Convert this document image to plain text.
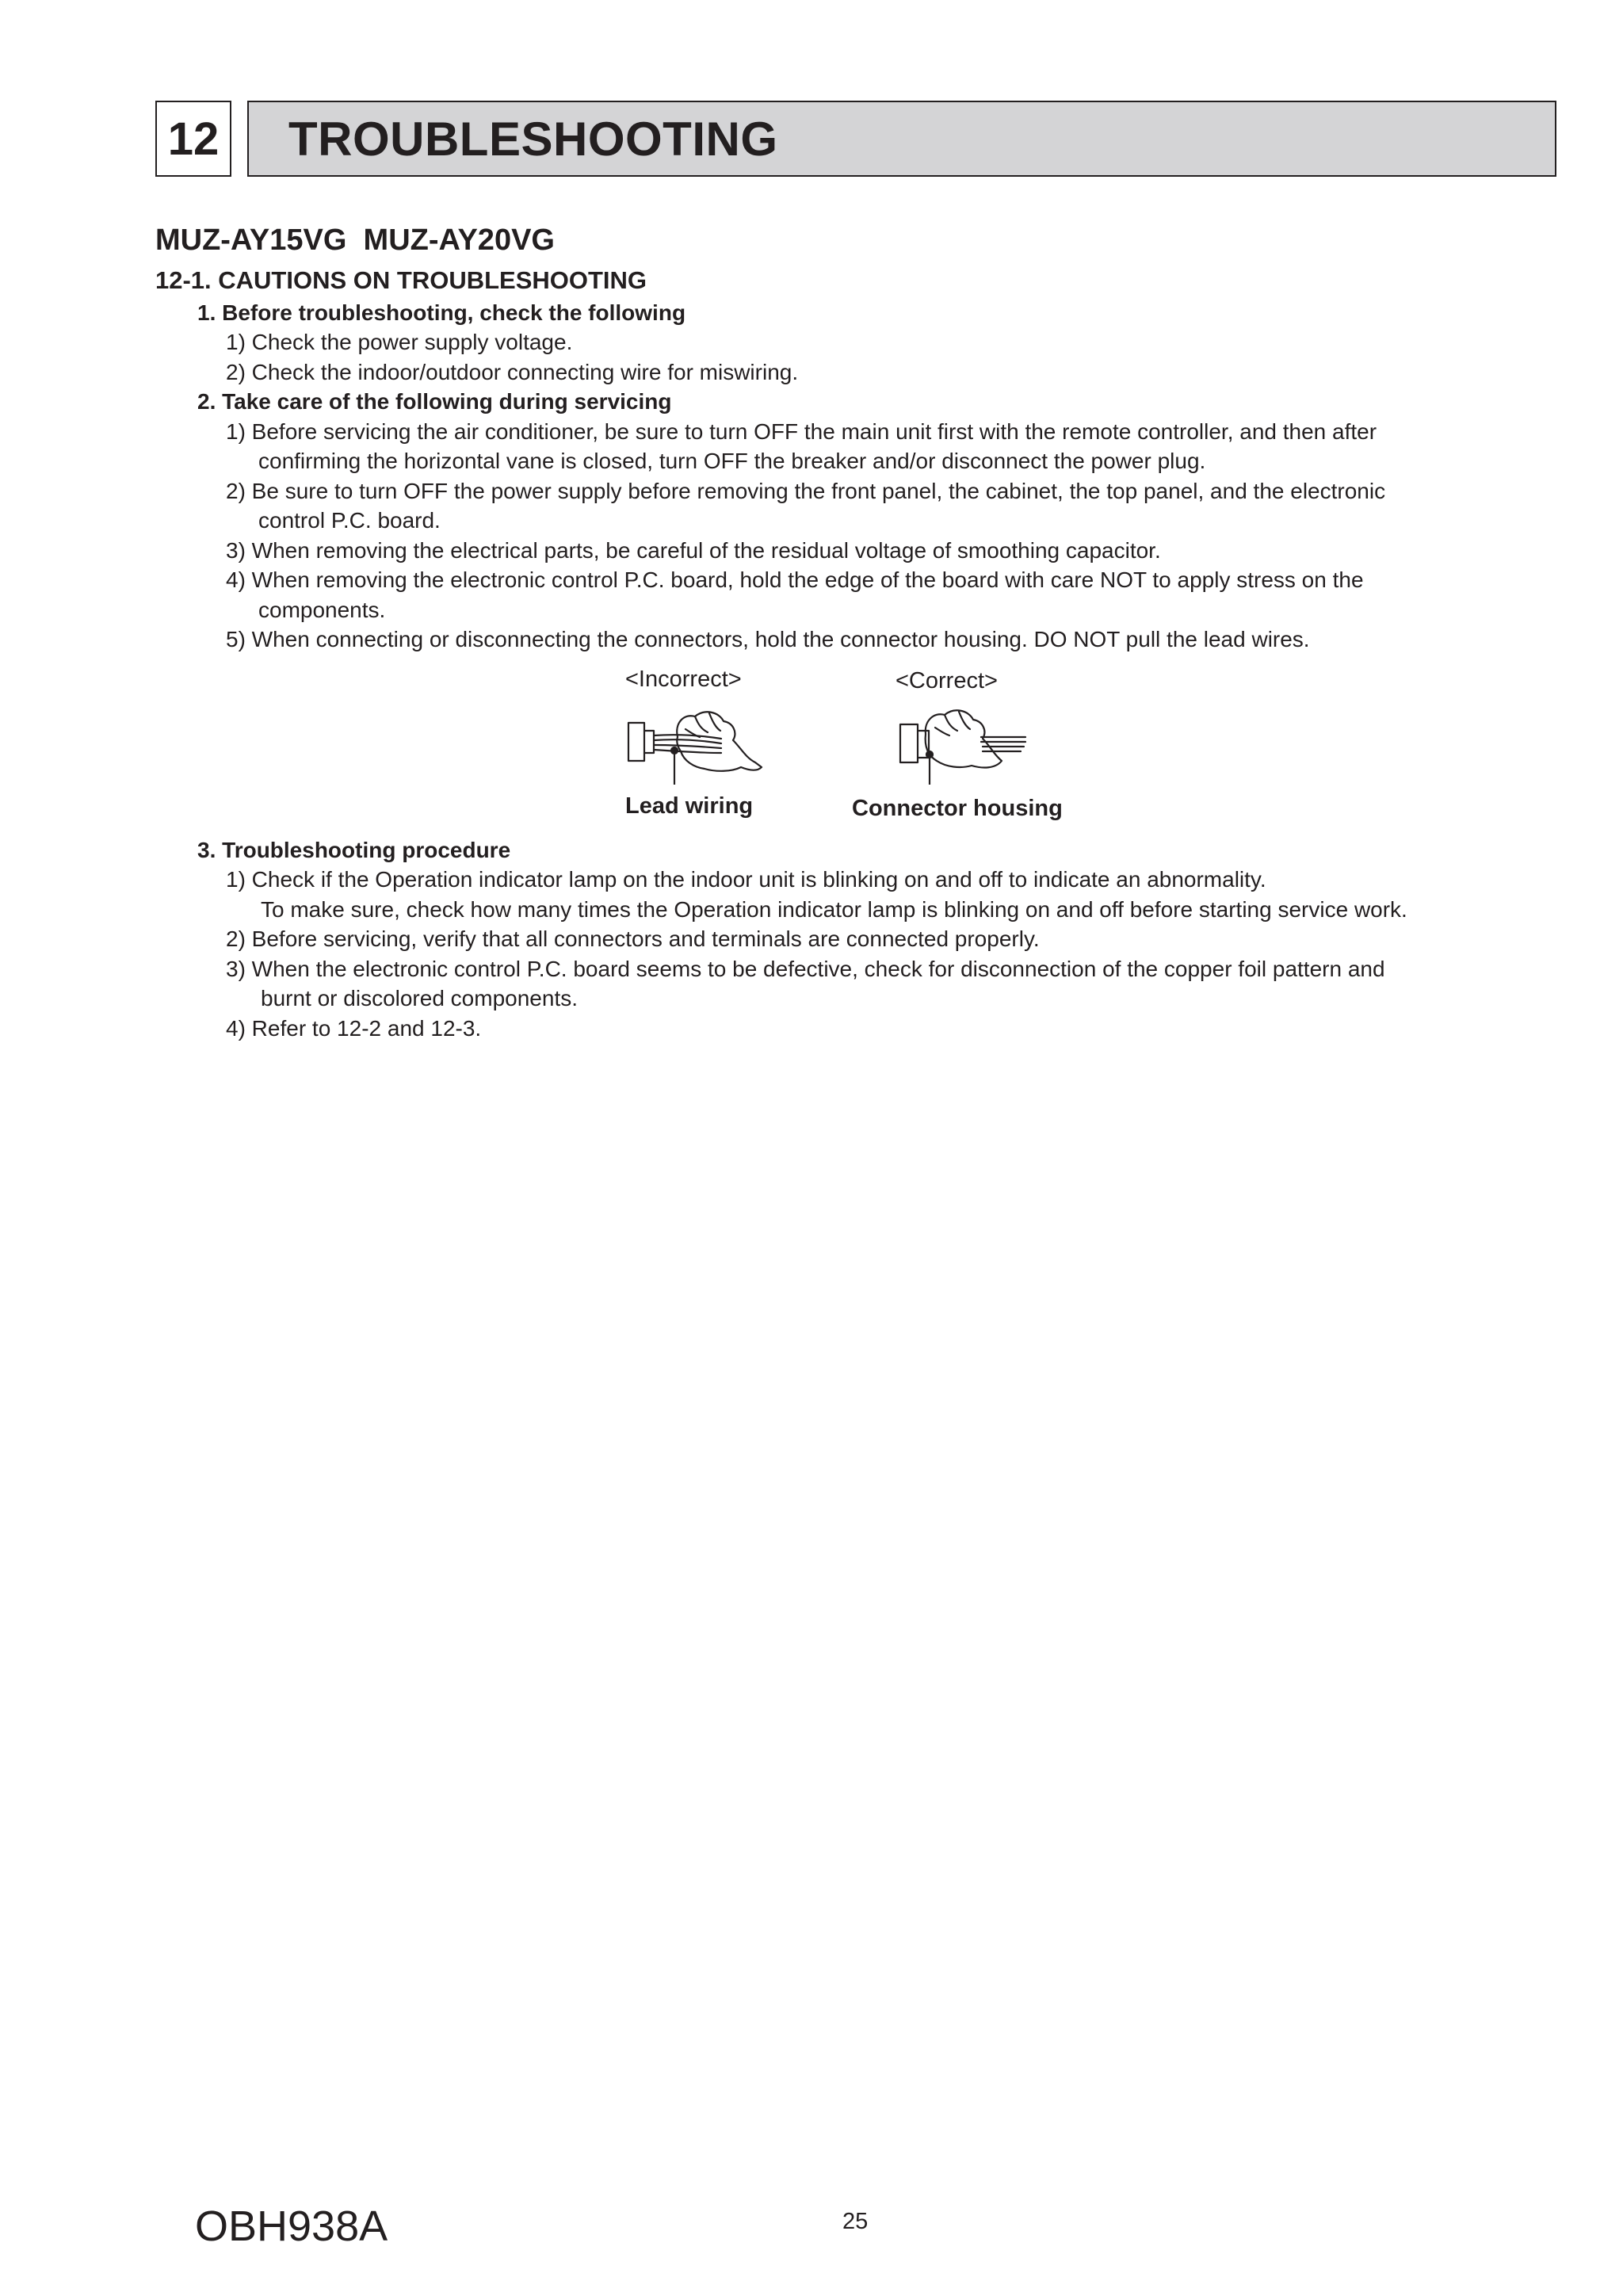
12 TROUBLESHOOTING
MUZ-AY15VG  MUZ-AY20VG
12-1. CAUTIONS ON TROUBLESHOOTING
1. Before troubleshooting, check the following
1) Check the power supply voltage.
2) Check the indoor/outdoor connecting wire for miswiring.
2. Take care of the following during servicing
1) Before servicing the air conditioner, be sure to turn OFF the main unit first with the remote controller, and then after
confirming the horizontal vane is closed, turn OFF the breaker and/or disconnect the power plug.
2) Be sure to turn OFF the power supply before removing the front panel, the cabinet, the top panel, and the electronic
control P.C. board.
3) When removing the electrical parts, be careful of the residual voltage of smoothing capacitor.
4) When removing the electronic control P.C. board, hold the edge of the board with care NOT to apply stress on the
components.
5) When connecting or disconnecting the connectors, hold the connector housing. DO NOT pull the lead wires.
<Incorrect>	<Correct>
Lead wiring	Connector housing
3. Troubleshooting procedure
1) Check if the Operation indicator lamp on the indoor unit is blinking on and off to indicate an abnormality.
To make sure, check how many times the Operation indicator lamp is blinking on and off before starting service work.
2) Before servicing, verify that all connectors and terminals are connected properly.
3) When the electronic control P.C. board seems to be defective, check for disconnection of the copper foil pattern and
burnt or discolored components.
4) Refer to 12-2 and 12-3.
OBH938A	25
